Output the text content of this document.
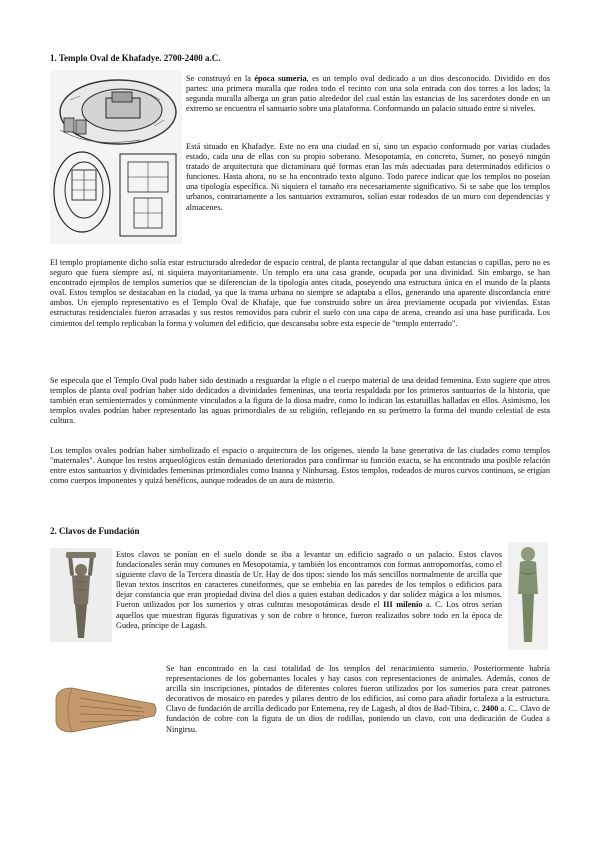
1. Templo Oval de Khafadye. 2700-2400 a.C.

Se construyó en la época sumeria, es un templo oval dedicado a un dios desconocido. Dividido en dos partes: una primera muralla que rodea todo el recinto con una sola entrada con dos torres a los lados; la segunda muralla alberga un gran patio alrededor del cual están las estancias de los sacerdotes donde en un extremo se encuentra el santuario sobre una plataforma. Conformando un palacio situado entre si niveles.

Está situado en Khafadye. Este no era una ciudad en sí, sino un espacio conformado por varias ciudades estado, cada una de ellas con su propio soberano. Mesopotamia, en concreto, Sumer, no poseyó ningún tratado de arquitectura que dictaminara qué formas eran las más adecuadas para determinados edificios o funciones. Hasta ahora, no se ha encontrado texto alguno. Todo parece indicar que los templos no poseían una tipología específica. Ni siquiera el tamaño era necesariamente significativo. Si se sabe que los templos urbanos, contrariamente a los santuarios extramuros, solían estar rodeados de un muro con dependencias y almacenes.

El templo propiamente dicho solía estar estructurado alrededor de espacio central, de planta rectangular al que daban estancias o capillas, pero no es seguro que fuera siempre así, ni siquiera mayoritariamente. Un templo era una casa grande, ocupada por una divinidad. Sin embargo, se han encontrado ejemplos de templos sumerios que se diferencian de la tipología antes citada, poseyendo una estructura única en el mundo de la planta oval. Estos templos se destacaban en la ciudad, ya que la trama urbana no siempre se adaptaba a ellos, generando una aparente discordancia entre ambos. Un ejemplo representativo es el Templo Oval de Khafaje, que fue construido sobre un área previamente ocupada por viviendas. Estas estructuras residenciales fueron arrasadas y sus restos removidos para cubrir el suelo con una capa de arena, creando así una base purificada. Los cimientos del templo replicaban la forma y volumen del edificio, que descansaba sobre esta especie de "templo enterrado".

Se especula que el Templo Oval pudo haber sido destinado a resguardar la efigie o el cuerpo material de una deidad femenina. Esto sugiere que otros templos de planta oval podrían haber sido dedicados a divinidades femeninas, una teoría respaldada por los primeros santuarios de la historia, que también eran semienterrados y comúnmente vinculados a la figura de la diosa madre, como lo indican las estatuillas halladas en ellos. Asimismo, los templos ovales podrían haber representado las aguas primordiales de su religión, reflejando en su perímetro la forma del mundo celestial de esta cultura.

Los templos ovales podrían haber simbolizado el espacio o arquitectura de los orígenes, siendo la base generativa de las ciudades como templos "maternales". Aunque los restos arqueológicos están demasiado deteriorados para confirmar su función exacta, se ha encontrado una posible relación entre estos santuarios y divinidades femeninas primordiales como Inanna y Ninhursag. Estos templos, rodeados de muros curvos continuos, se erigían como cuerpos imponentes y quizá benéficos, aunque rodeados de un aura de misterio.

2. Clavos de Fundación

Estos clavos se ponían en el suelo donde se iba a levantar un edificio sagrado o un palacio. Estos clavos fundacionales serán muy comunes en Mesopotamia, y también los encontramos con formas antropomorfas, como el siguiente clavo de la Tercera dinastía de Ur. Hay de dos tipos: siendo los más sencillos normalmente de arcilla que llevan textos inscritos en caracteres cuneiformes, que se embebía en las paredes de los templos o edificios para dejar constancia que eran propiedad divina del dios a quien estaban dedicados y dar solidez mágica a los mismos. Fueron utilizados por los sumerios y otras culturas mesopotámicas desde el III milenio a. C. Los otros serían aquellos que muestran figuras figurativas y son de cobre o bronce, fueron realizados sobre todo en la época de Gudea, príncipe de Lagash.

Se han encontrado en la casi totalidad de los templos del renacimiento sumerio. Posteriormente habría representaciones de los gobernantes locales y hay casos con representaciones de animales. Además, conos de arcilla sin inscripciones, pintados de diferentes colores fueron utilizados por los sumerios para crear patrones decorativos de mosaico en paredes y pilares dentro de los edificios, así como para añadir fortaleza a la estructura. Clavo de fundación de arcilla dedicado por Entemena, rey de Lagash, al dios de Bad-Tibira, c. 2400 a. C.. Clavo de fundación de cobre con la figura de un dios de rodillas, poniendo un clavo, con una dedicación de Gudea a Ningirsu.
